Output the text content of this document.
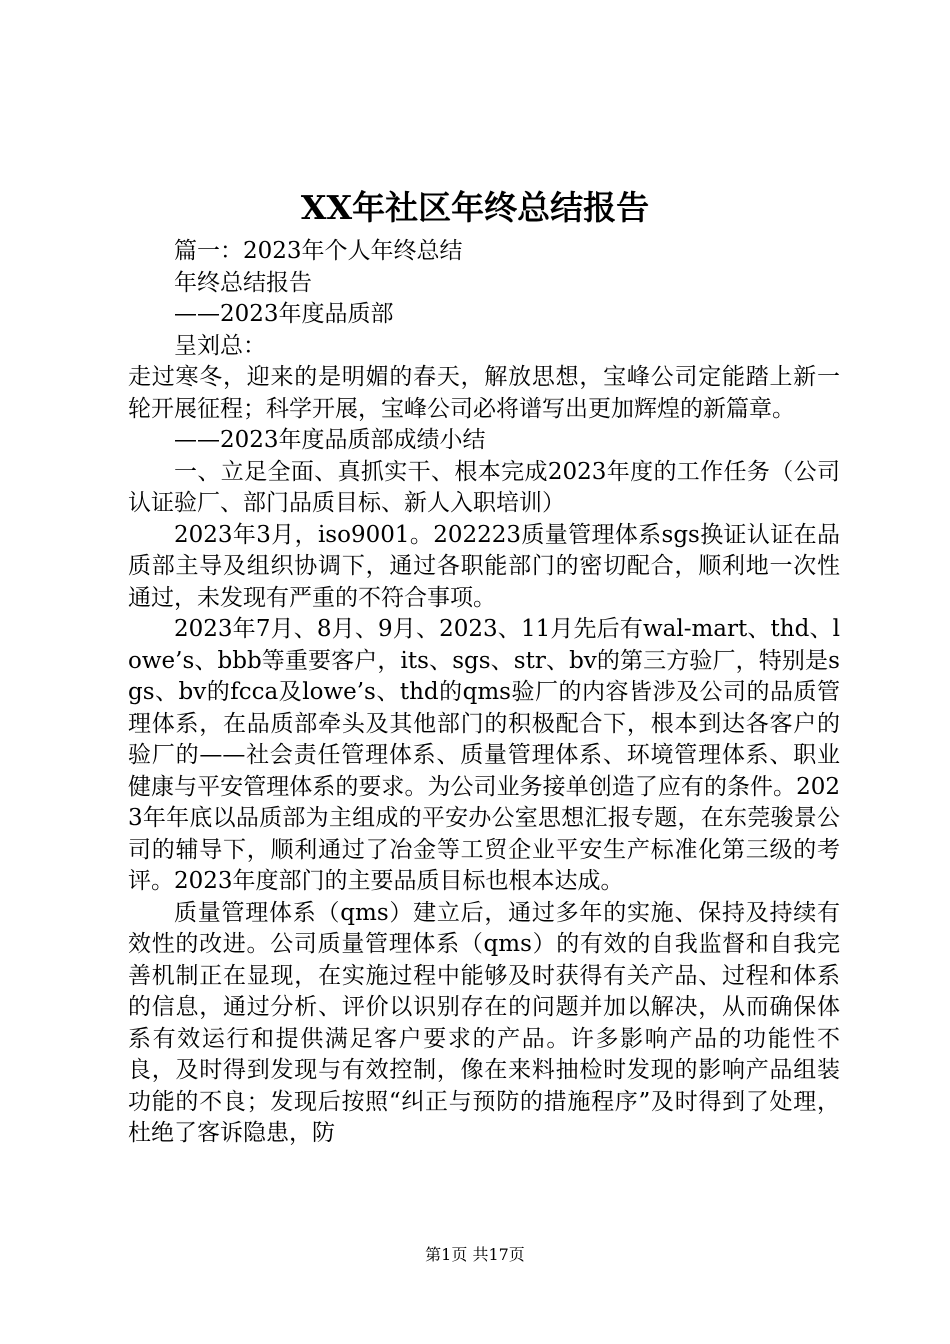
XX年社区年终总结报告

篇一：2023年个人年终总结

年终总结报告

——2023年度品质部

呈刘总：

走过寒冬，迎来的是明媚的春天，解放思想，宝峰公司定能踏上新一轮开展征程；科学开展，宝峰公司必将谱写出更加辉煌的新篇章。

——2023年度品质部成绩小结

一、立足全面、真抓实干、根本完成2023年度的工作任务（公司认证验厂、部门品质目标、新人入职培训）

2023年3月，iso9001。202223质量管理体系sgs换证认证在品质部主导及组织协调下，通过各职能部门的密切配合，顺利地一次性通过，未发现有严重的不符合事项。

2023年7月、8月、9月、2023、11月先后有wal-mart、thd、lowe’s、bbb等重要客户，its、sgs、str、bv的第三方验厂，特别是sgs、bv的fcca及lowe’s、thd的qms验厂的内容皆涉及公司的品质管理体系，在品质部牵头及其他部门的积极配合下，根本到达各客户的验厂的——社会责任管理体系、质量管理体系、环境管理体系、职业健康与平安管理体系的要求。为公司业务接单创造了应有的条件。2023年年底以品质部为主组成的平安办公室思想汇报专题，在东莞骏景公司的辅导下，顺利通过了冶金等工贸企业平安生产标准化第三级的考评。2023年度部门的主要品质目标也根本达成。

质量管理体系（qms）建立后，通过多年的实施、保持及持续有效性的改进。公司质量管理体系（qms）的有效的自我监督和自我完善机制正在显现，在实施过程中能够及时获得有关产品、过程和体系的信息，通过分析、评价以识别存在的问题并加以解决，从而确保体系有效运行和提供满足客户要求的产品。许多影响产品的功能性不良，及时得到发现与有效控制，像在来料抽检时发现的影响产品组装功能的不良；发现后按照“纠正与预防的措施程序”及时得到了处理，杜绝了客诉隐患，防

第1页 共17页
